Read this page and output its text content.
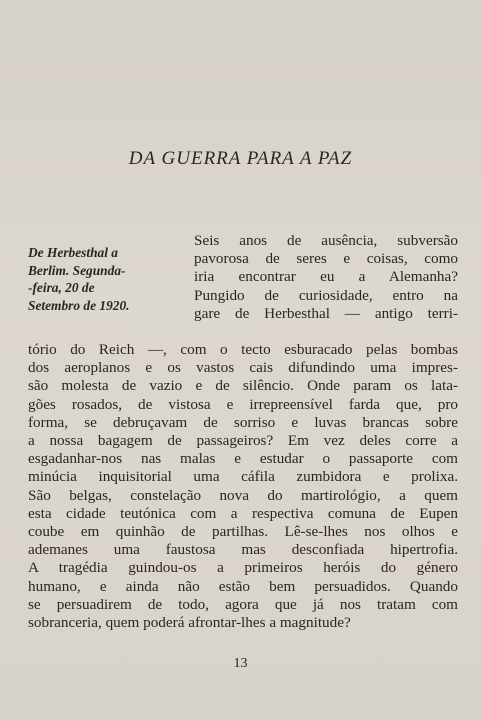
DA GUERRA PARA A PAZ
De Herbesthal a
Berlim. Segunda-
-feira, 20 de
Setembro de 1920.
Seis anos de ausência, subversão
pavorosa de seres e coisas, como
iria encontrar eu a Alemanha?
Pungido de curiosidade, entro na
gare de Herbesthal — antigo terri-
tório do Reich —, com o tecto esburacado pelas bombas
dos aeroplanos e os vastos cais difundindo uma impres-
são molesta de vazio e de silêncio. Onde param os lata-
gões rosados, de vistosa e irrepreensível farda que, pro
forma, se debruçavam de sorriso e luvas brancas sobre
a nossa bagagem de passageiros? Em vez deles corre a
esgadanhar-nos nas malas e estudar o passaporte com
minúcia inquisitorial uma cáfila zumbidora e prolixa.
São belgas, constelação nova do martirológio, a quem
esta cidade teutónica com a respectiva comuna de Eupen
coube em quinhão de partilhas. Lê-se-lhes nos olhos e
ademanes uma faustosa mas desconfiada hipertrofia.
A tragédia guindou-os a primeiros heróis do género
humano, e ainda não estão bem persuadidos. Quando
se persuadirem de todo, agora que já nos tratam com
sobranceria, quem poderá afrontar-lhes a magnitude?
13
